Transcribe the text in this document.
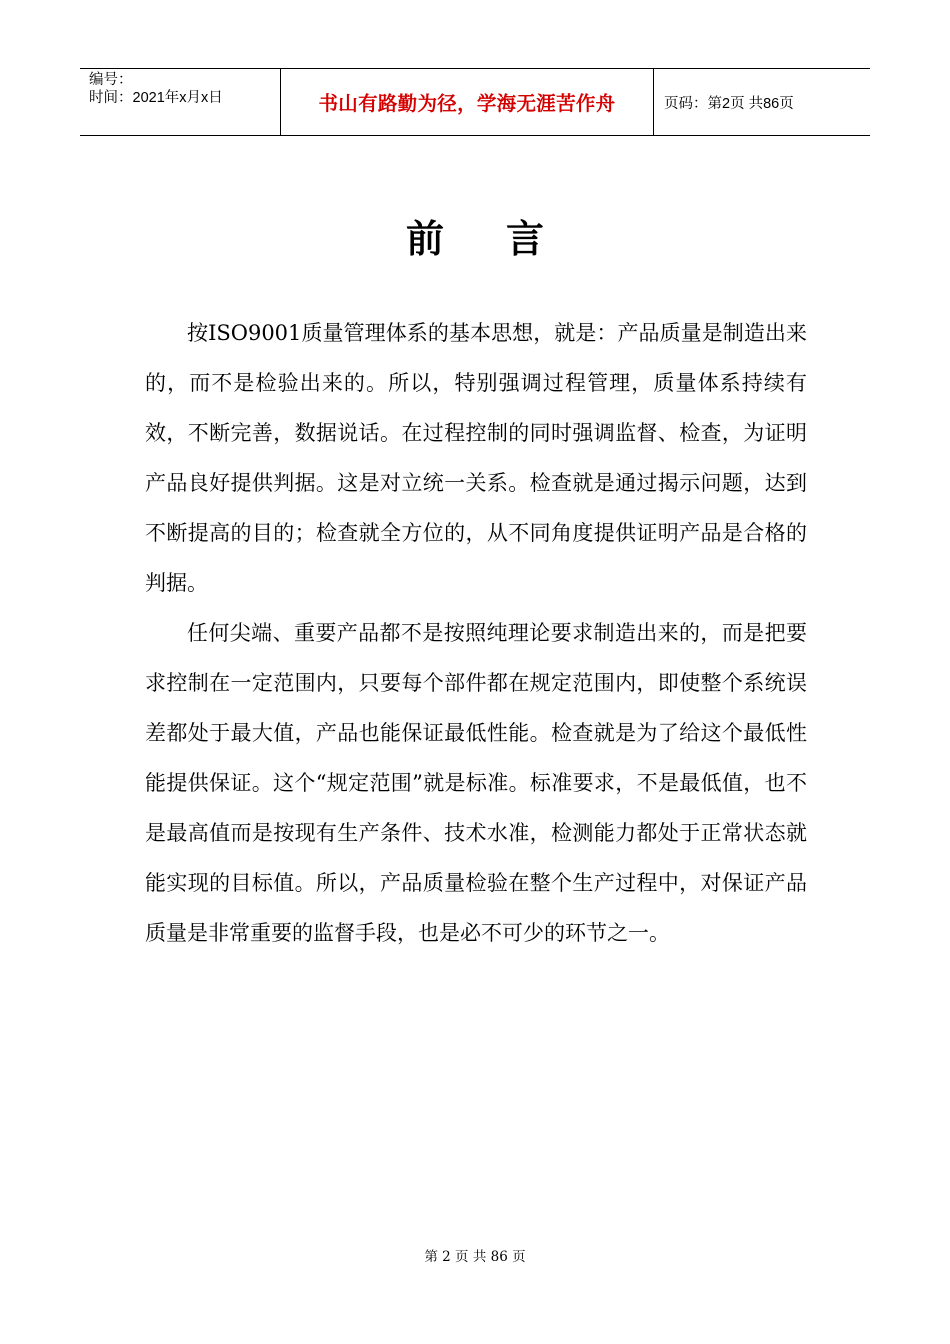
编号：
时间：2021年x月x日	书山有路勤为径，学海无涯苦作舟	页码：第2页 共86页
前言

按ISO9001质量管理体系的基本思想，就是：产品质量是制造出来的，而不是检验出来的。所以，特别强调过程管理，质量体系持续有效，不断完善，数据说话。在过程控制的同时强调监督、检查，为证明产品良好提供判据。这是对立统一关系。检查就是通过揭示问题，达到不断提高的目的；检查就全方位的，从不同角度提供证明产品是合格的判据。

任何尖端、重要产品都不是按照纯理论要求制造出来的，而是把要求控制在一定范围内，只要每个部件都在规定范围内，即使整个系统误差都处于最大值，产品也能保证最低性能。检查就是为了给这个最低性能提供保证。这个“规定范围”就是标准。标准要求，不是最低值，也不是最高值而是按现有生产条件、技术水准，检测能力都处于正常状态就能实现的目标值。所以，产品质量检验在整个生产过程中，对保证产品质量是非常重要的监督手段，也是必不可少的环节之一。

第 2 页 共 86 页
